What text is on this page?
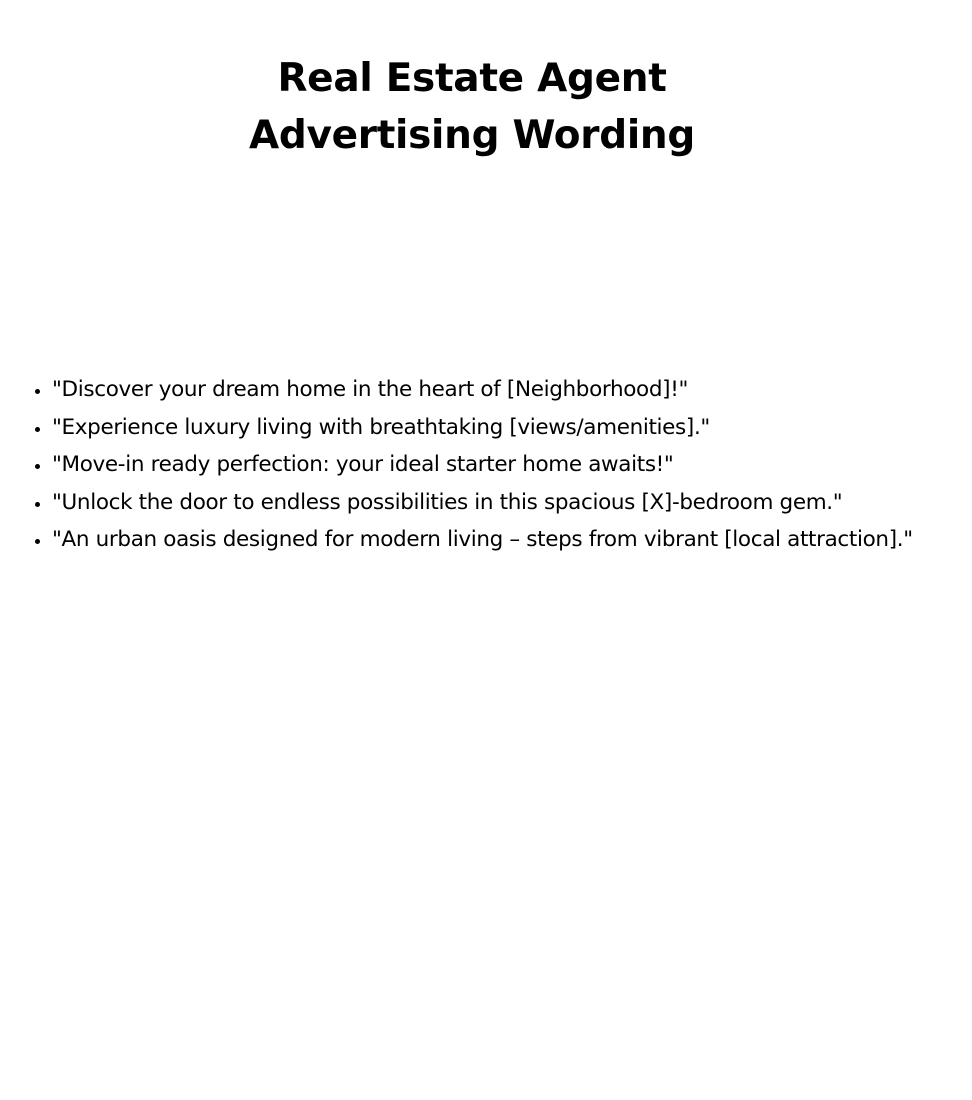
Real Estate Agent
Advertising Wording
• "Discover your dream home in the heart of [Neighborhood]!"
• "Experience luxury living with breathtaking [views/amenities]."
• "Move-in ready perfection: your ideal starter home awaits!"
• "Unlock the door to endless possibilities in this spacious [X]-bedroom gem."
• "An urban oasis designed for modern living – steps from vibrant [local attraction]."
